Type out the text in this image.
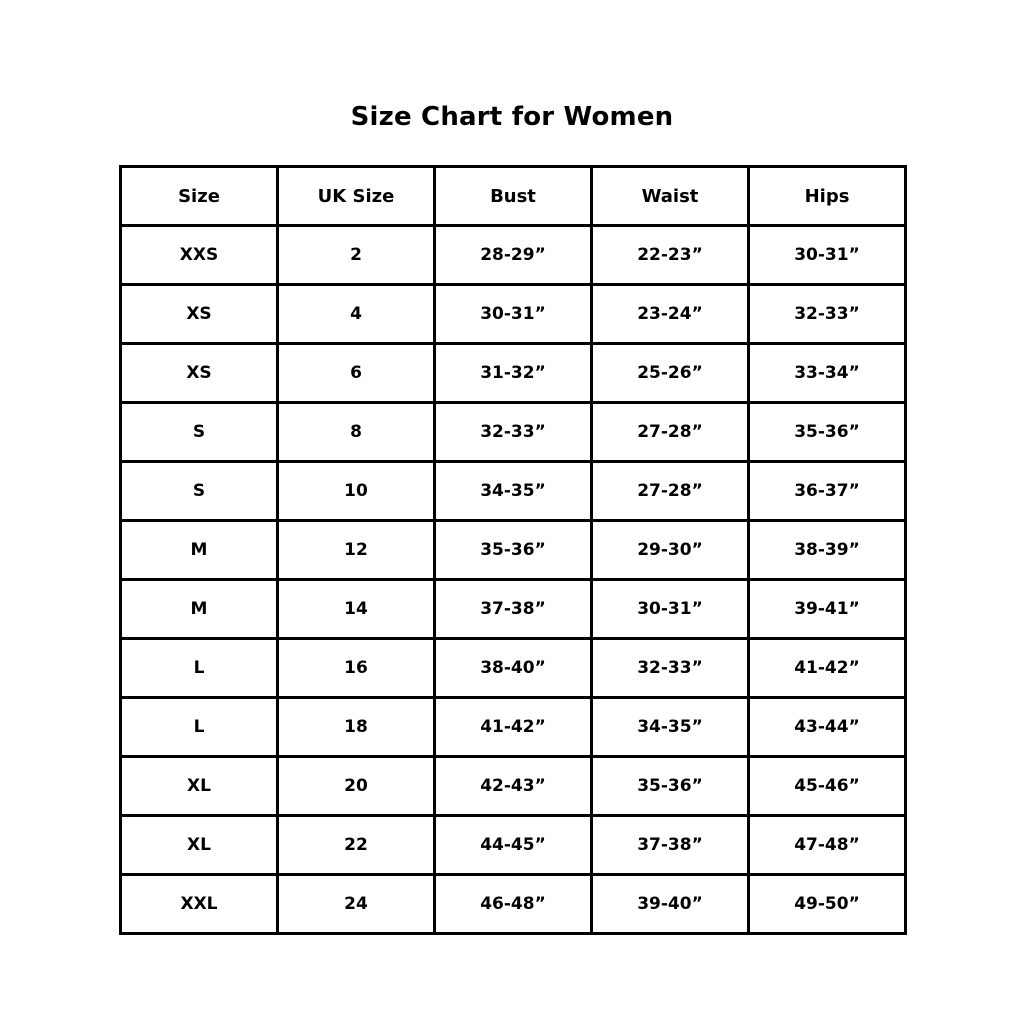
Size Chart for Women
Size	UK Size	Bust	Waist	Hips
XXS	2	28-29”	22-23”	30-31”
XS	4	30-31”	23-24”	32-33”
XS	6	31-32”	25-26”	33-34”
S	8	32-33”	27-28”	35-36”
S	10	34-35”	27-28”	36-37”
M	12	35-36”	29-30”	38-39”
M	14	37-38”	30-31”	39-41”
L	16	38-40”	32-33”	41-42”
L	18	41-42”	34-35”	43-44”
XL	20	42-43”	35-36”	45-46”
XL	22	44-45”	37-38”	47-48”
XXL	24	46-48”	39-40”	49-50”
